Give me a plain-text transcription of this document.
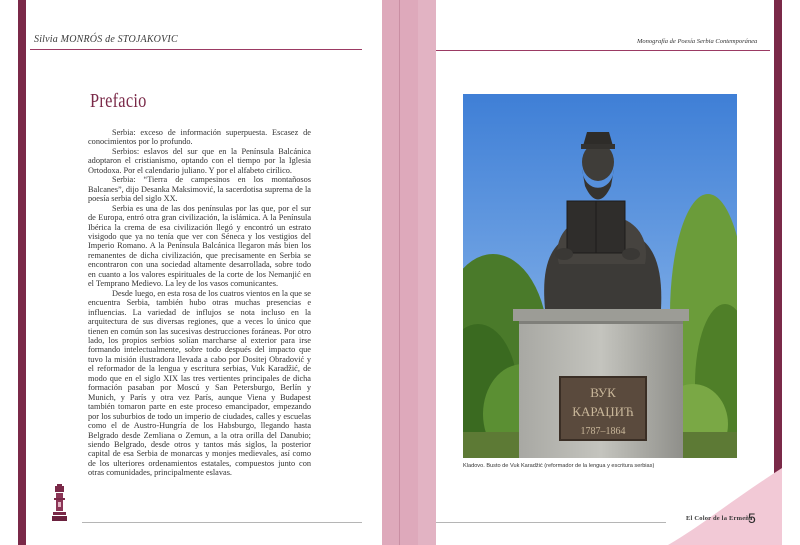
Silvia MONRÓS de STOJAKOVIC
Prefacio

Serbia: exceso de información superpuesta. Escasez de conocimientos por lo profundo.

Serbios: eslavos del sur que en la Península Balcánica adoptaron el cristianismo, optando con el tiempo por la Iglesia Ortodoxa. Por el calendario juliano. Y por el alfabeto cirílico.

Serbia: “Tierra de campesinos en los montañosos Balcanes”, dijo Desanka Maksimović, la sacerdotisa suprema de la poesía serbia del siglo XX.

Serbia es una de las dos penínsulas por las que, por el sur de Europa, entró otra gran civilización, la islámica. A la Península Ibérica la crema de esa civilización llegó y encontró un estrato visigodo que ya no tenía que ver con Séneca y los vestigios del Imperio Romano. A la Península Balcánica llegaron más bien los remanentes de dicha civilización, que precisamente en Serbia se encontraron con una sociedad altamente desarrollada, sobre todo en cuanto a los valores espirituales de la corte de los Nemanjić en el Temprano Medievo. La ley de los vasos comunicantes.

Desde luego, en esta rosa de los cuatros vientos en la que se encuentra Serbia, también hubo otras muchas presencias e influencias. La variedad de influjos se nota incluso en la arquitectura de sus diversas regiones, que a veces lo único que tienen en común son las sucesivas destrucciones foráneas. Por otro lado, los propios serbios solían marcharse al exterior para irse formando intelectualmente, sobre todo después del impacto que tuvo la misión ilustradora llevada a cabo por Dositej Obradović y el reformador de la lengua y escritura serbias, Vuk Karadžić, de modo que en el siglo XIX las tres vertientes principales de dicha formación pasaban por Moscú y San Petersburgo, Berlín y Munich, y París y otra vez París, aunque Viena y Budapest también tomaron parte en este proceso emancipador, empezando por los suburbios de todo un imperio de ciudades, calles y escuelas como el de Austro-Hungría de los Habsburgo, llegando hasta Belgrado desde Zemliana o Zemun, a la otra orilla del Danubio; siendo Belgrado, desde otros y tantos más siglos, la posterior capital de esa Serbia de monarcas y monjes medievales, así como de los ulteriores ordenamientos estatales, compuestos junto con otras comunidades, principalmente eslavas.

Monografía de Poesía Serbia Contemporánea
ВУК
КАРАЏИЋ
1787–1864
Kladovo. Busto de Vuk Karadžić (reformador de la lengua y escritura serbias)
El Color de la Ermeña
5
